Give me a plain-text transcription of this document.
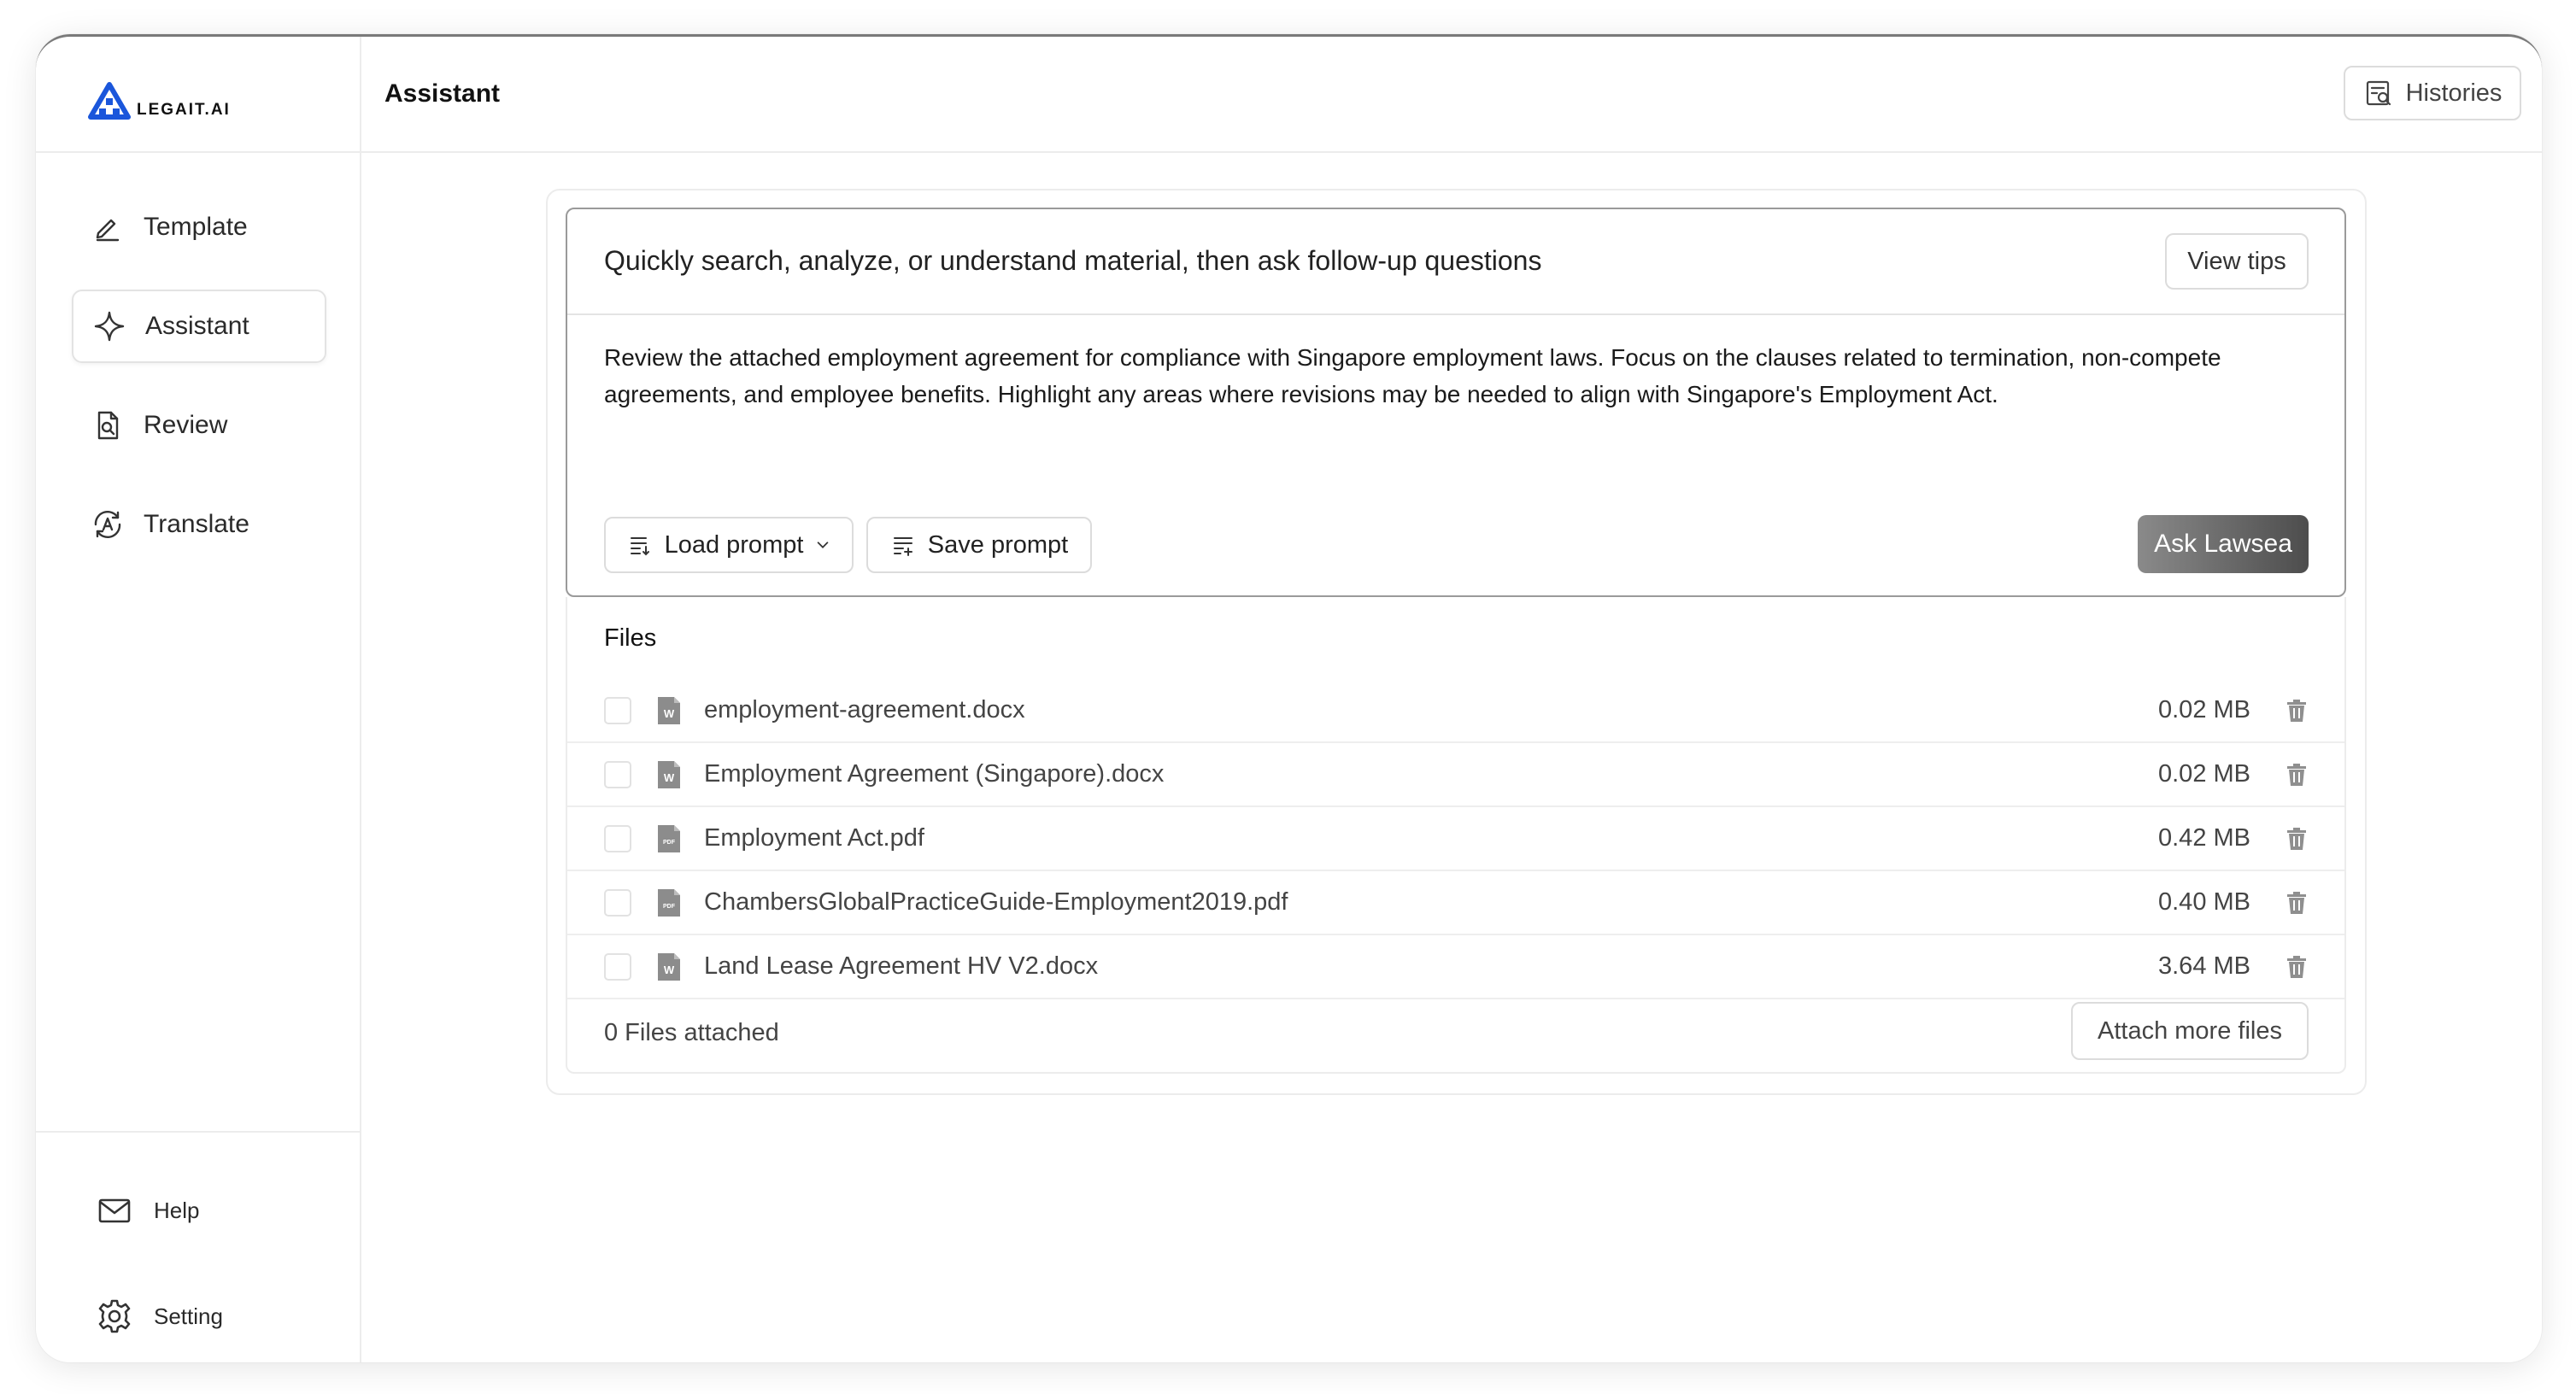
LEGAIT.AI
Template
Assistant
Review
Translate
Help
Setting
Assistant	Histories
Quickly search, analyze, or understand material, then ask follow-up questions	View tips
Review the attached employment agreement for compliance with Singapore employment laws. Focus on the clauses related to termination, non-compete agreements, and employee benefits. Highlight any areas where revisions may be needed to align with Singapore's Employment Act.
Load prompt	Save prompt	Ask Lawsea
Files
W employment-agreement.docx	0.02 MB
W Employment Agreement (Singapore).docx	0.02 MB
PDF Employment Act.pdf	0.42 MB
PDF ChambersGlobalPracticeGuide-Employment2019.pdf	0.40 MB
W Land Lease Agreement HV V2.docx	3.64 MB
0 Files attached	Attach more files
